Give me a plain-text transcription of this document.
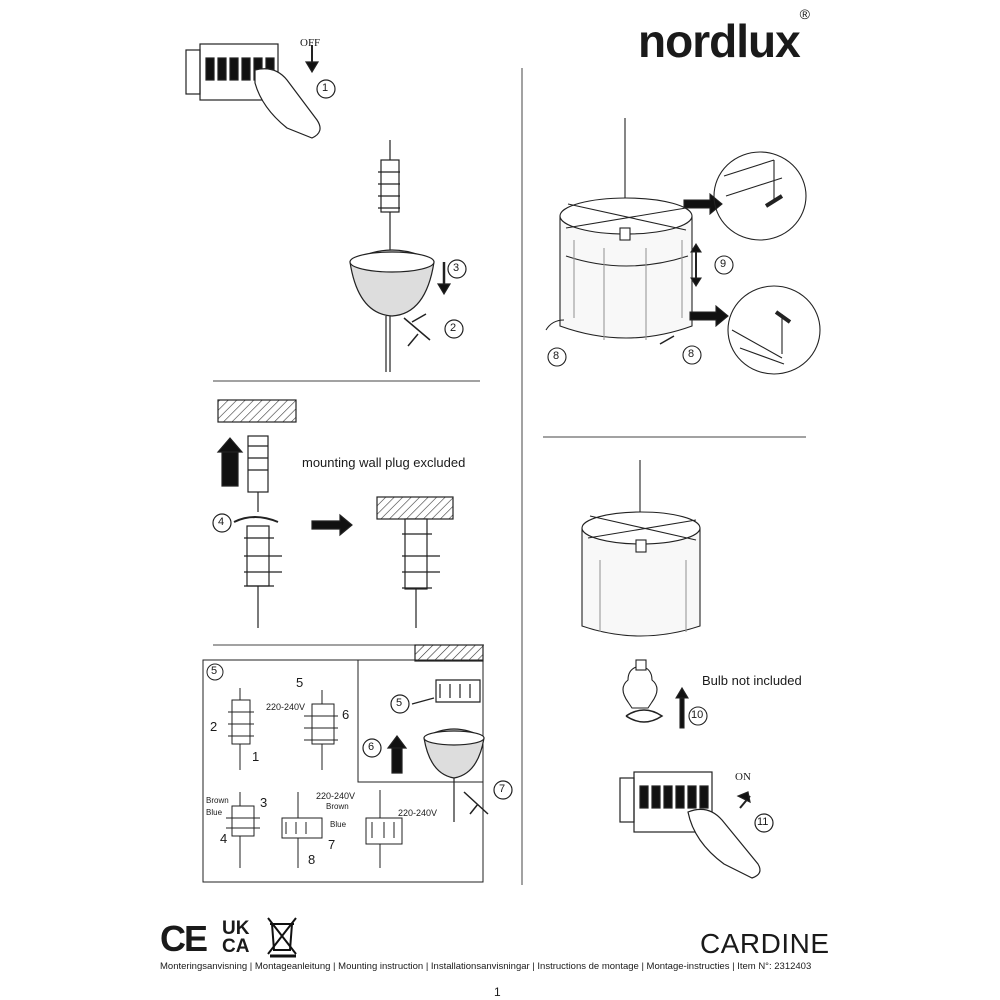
nordlux®
OFF
1
2
3
4
5
6
7
8	8
9
10
ON
11
5
mounting wall plug excluded
Bulb not included
2
1
5
6
220-240V
Brown
Blue
3
4
220-240V
Brown
Blue
7
8
220-240V
CE UK
CA	CARDINE
Monteringsanvisning | Montageanleitung | Mounting instruction | Installationsanvisningar | Instructions de montage | Montage-instructies | Item N°: 2312403
1
